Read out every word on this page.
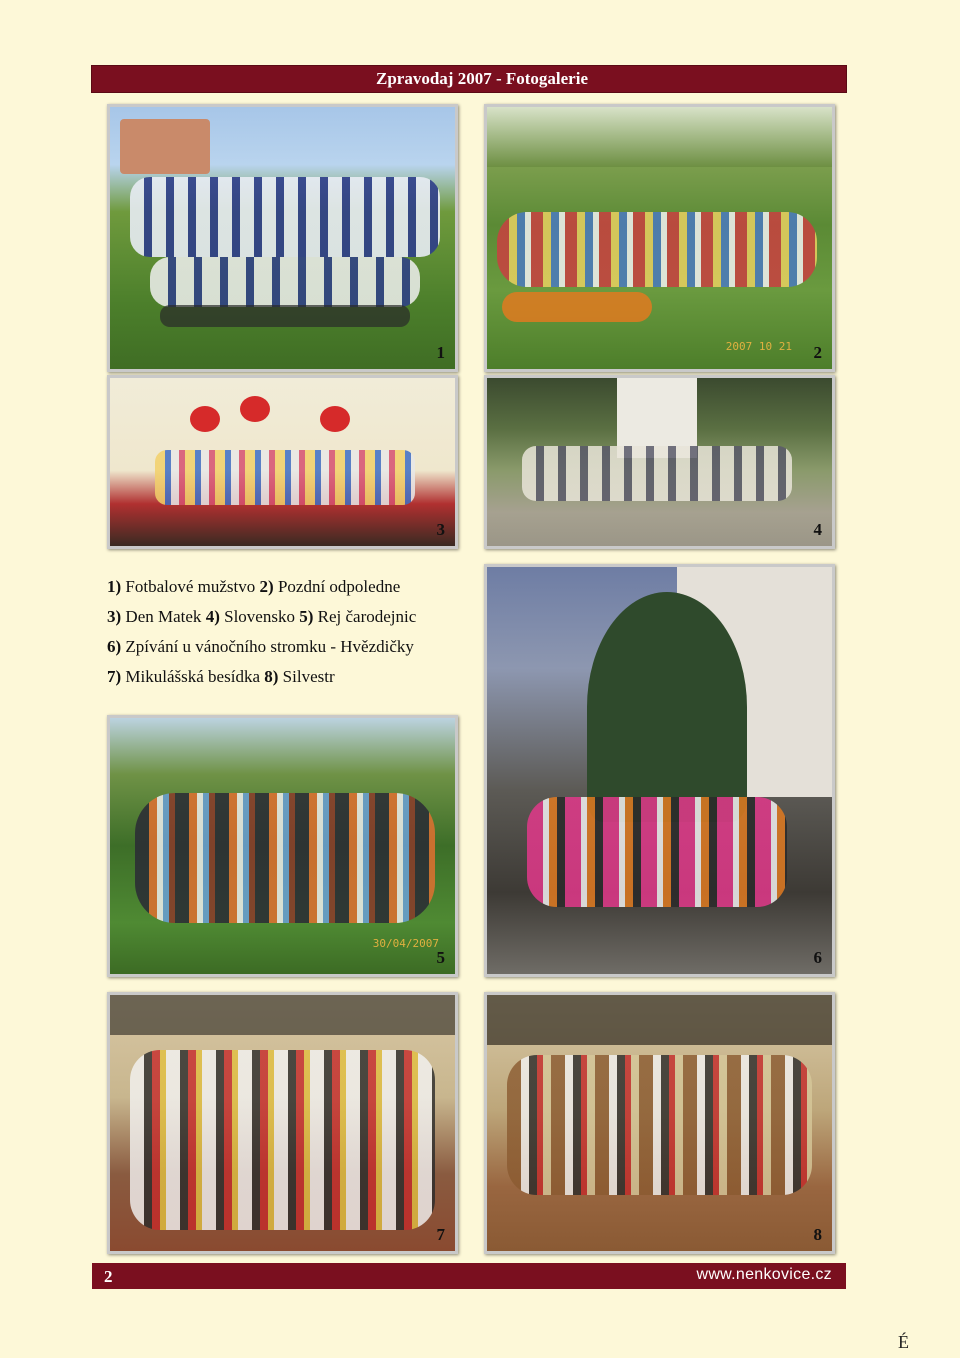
Zpravodaj 2007 - Fotogalerie
1	2007 10 21 2
3	4
1) Fotbalové mužstvo 2) Pozdní odpoledne
3) Den Matek 4) Slovensko 5) Rej čarodejnic
6) Zpívání u vánočního stromku - Hvězdičky
7) Mikulášská besídka 8) Silvestr
30/04/2007
5	6
7	8
2	www.nenkovice.cz
É
